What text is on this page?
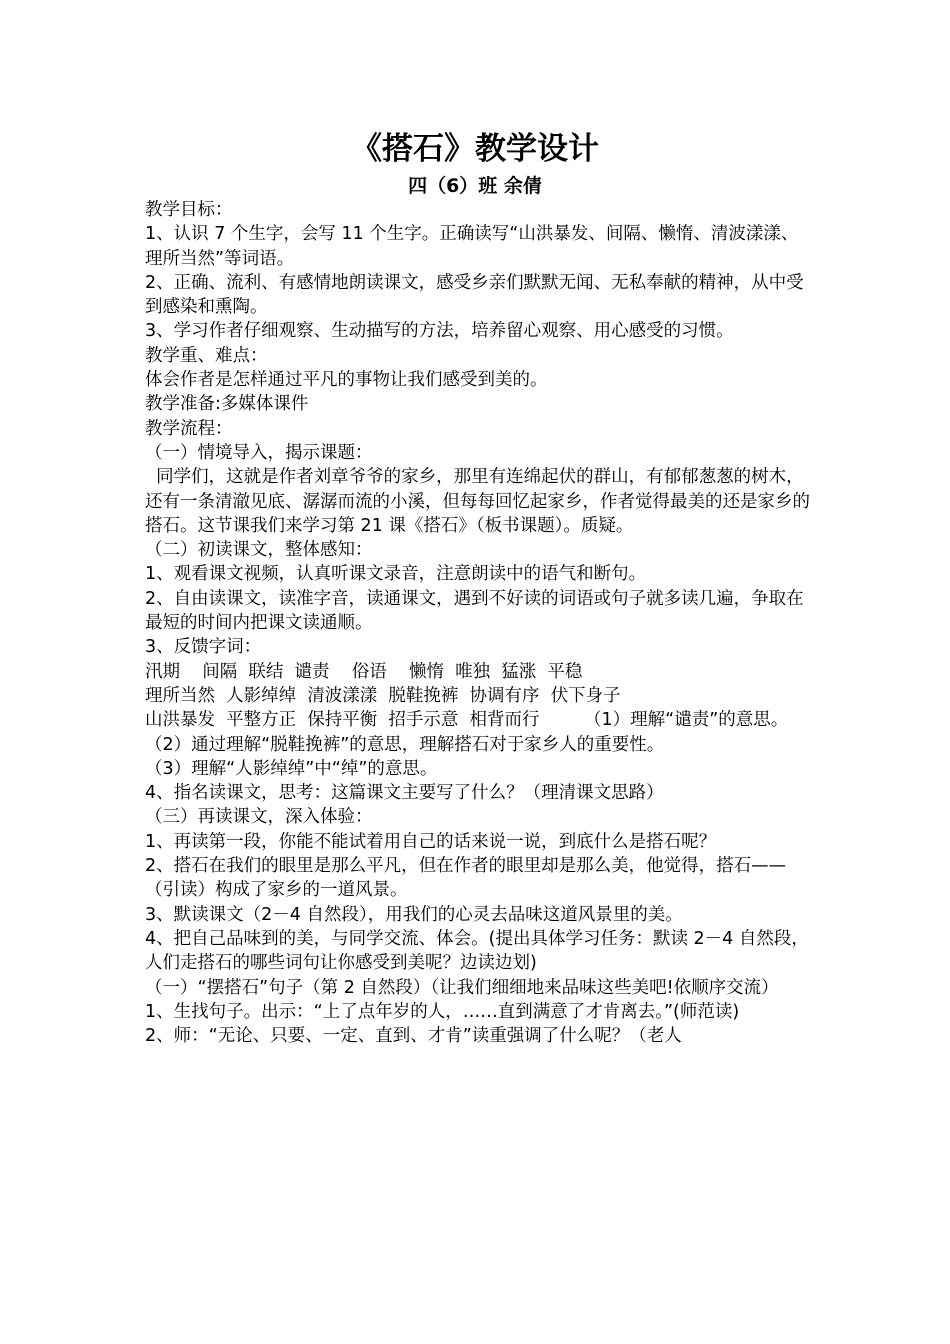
《搭石》教学设计
四（6）班 余倩

教学目标：

1、认识 7 个生字，会写 11 个生字。正确读写“山洪暴发、间隔、懒惰、清波漾漾、理所当然”等词语。

2、正确、流利、有感情地朗读课文，感受乡亲们默默无闻、无私奉献的精神，从中受到感染和熏陶。

3、学习作者仔细观察、生动描写的方法，培养留心观察、用心感受的习惯。

教学重、难点：

体会作者是怎样通过平凡的事物让我们感受到美的。

教学准备:多媒体课件

教学流程：

（一）情境导入，揭示课题：

同学们，这就是作者刘章爷爷的家乡，那里有连绵起伏的群山，有郁郁葱葱的树木，还有一条清澈见底、潺潺而流的小溪，但每每回忆起家乡，作者觉得最美的还是家乡的搭石。这节课我们来学习第 21 课《搭石》（板书课题）。质疑。

（二）初读课文，整体感知：

1、观看课文视频，认真听课文录音，注意朗读中的语气和断句。

2、自由读课文，读准字音，读通课文，遇到不好读的词语或句子就多读几遍，争取在最短的时间内把课文读通顺。

3、反馈字词：

汛期    间隔  联结  谴责    俗语    懒惰  唯独  猛涨  平稳

理所当然  人影绰绰  清波漾漾  脱鞋挽裤  协调有序  伏下身子

山洪暴发  平整方正  保持平衡  招手示意  相背而行        （1）理解“谴责”的意思。

（2）通过理解“脱鞋挽裤”的意思，理解搭石对于家乡人的重要性。

（3）理解“人影绰绰”中“绰”的意思。

4、指名读课文，思考：这篇课文主要写了什么？（理清课文思路）

（三）再读课文，深入体验：

1、再读第一段，你能不能试着用自己的话来说一说，到底什么是搭石呢？

2、搭石在我们的眼里是那么平凡，但在作者的眼里却是那么美，他觉得，搭石——（引读）构成了家乡的一道风景。

3、默读课文（2－4 自然段），用我们的心灵去品味这道风景里的美。

4、把自己品味到的美，与同学交流、体会。(提出具体学习任务：默读 2－4 自然段，人们走搭石的哪些词句让你感受到美呢？边读边划)

（一）“摆搭石”句子（第 2 自然段）（让我们细细地来品味这些美吧!依顺序交流）

1、生找句子。出示：“上了点年岁的人，……直到满意了才肯离去。”(师范读)

2、师：“无论、只要、一定、直到、才肯”读重强调了什么呢？（老人
